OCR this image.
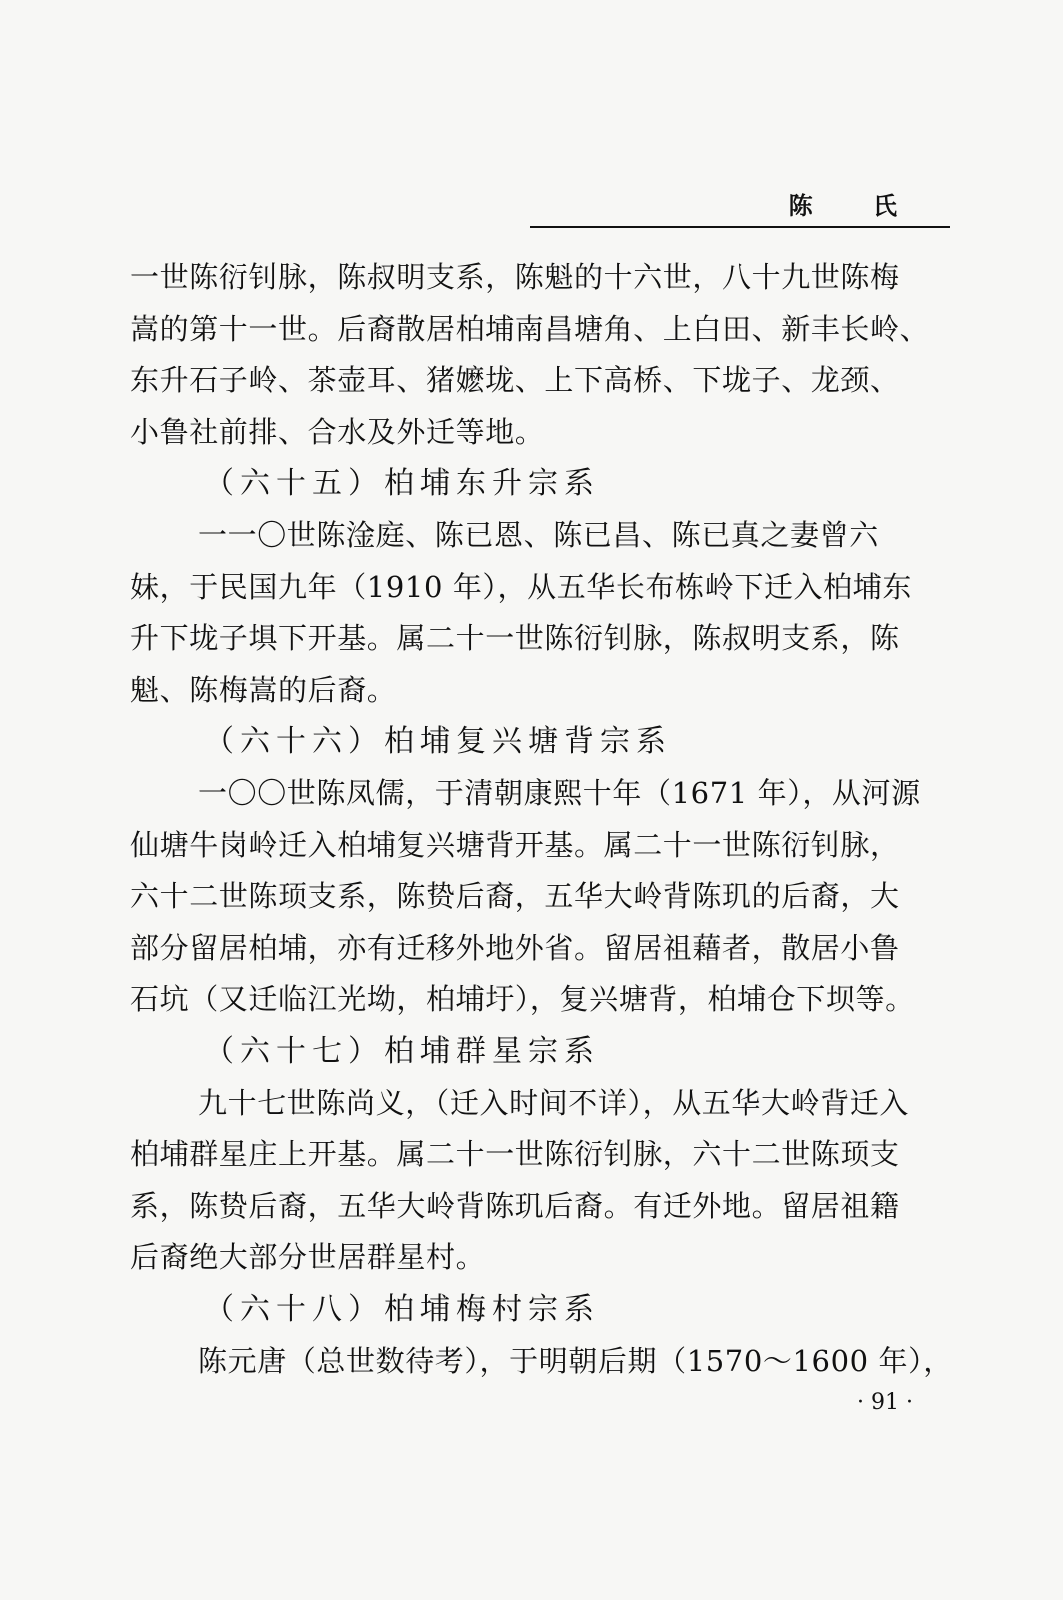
陈 氏
一世陈衍钊脉，陈叔明支系，陈魁的十六世，八十九世陈梅
嵩的第十一世。后裔散居柏埔南昌塘角、上白田、新丰长岭、
东升石子岭、茶壶耳、猪嬷垅、上下高桥、下垅子、龙颈、
小鲁社前排、合水及外迁等地。
（六十五）柏埔东升宗系
一一〇世陈淦庭、陈已恩、陈已昌、陈已真之妻曾六
妹，于民国九年（1910 年），从五华长布栋岭下迁入柏埔东
升下垅子埧下开基。属二十一世陈衍钊脉，陈叔明支系，陈
魁、陈梅嵩的后裔。
（六十六）柏埔复兴塘背宗系
一〇〇世陈凤儒，于清朝康熙十年（1671 年），从河源
仙塘牛岗岭迁入柏埔复兴塘背开基。属二十一世陈衍钊脉，
六十二世陈顼支系，陈贽后裔，五华大岭背陈玑的后裔，大
部分留居柏埔，亦有迁移外地外省。留居祖藉者，散居小鲁
石坑（又迁临江光坳，柏埔圩），复兴塘背，柏埔仓下坝等。
（六十七）柏埔群星宗系
九十七世陈尚义，（迁入时间不详），从五华大岭背迁入
柏埔群星庄上开基。属二十一世陈衍钊脉，六十二世陈顼支
系，陈贽后裔，五华大岭背陈玑后裔。有迁外地。留居祖籍
后裔绝大部分世居群星村。
（六十八）柏埔梅村宗系
陈元唐（总世数待考），于明朝后期（1570～1600 年），
· 91 ·
